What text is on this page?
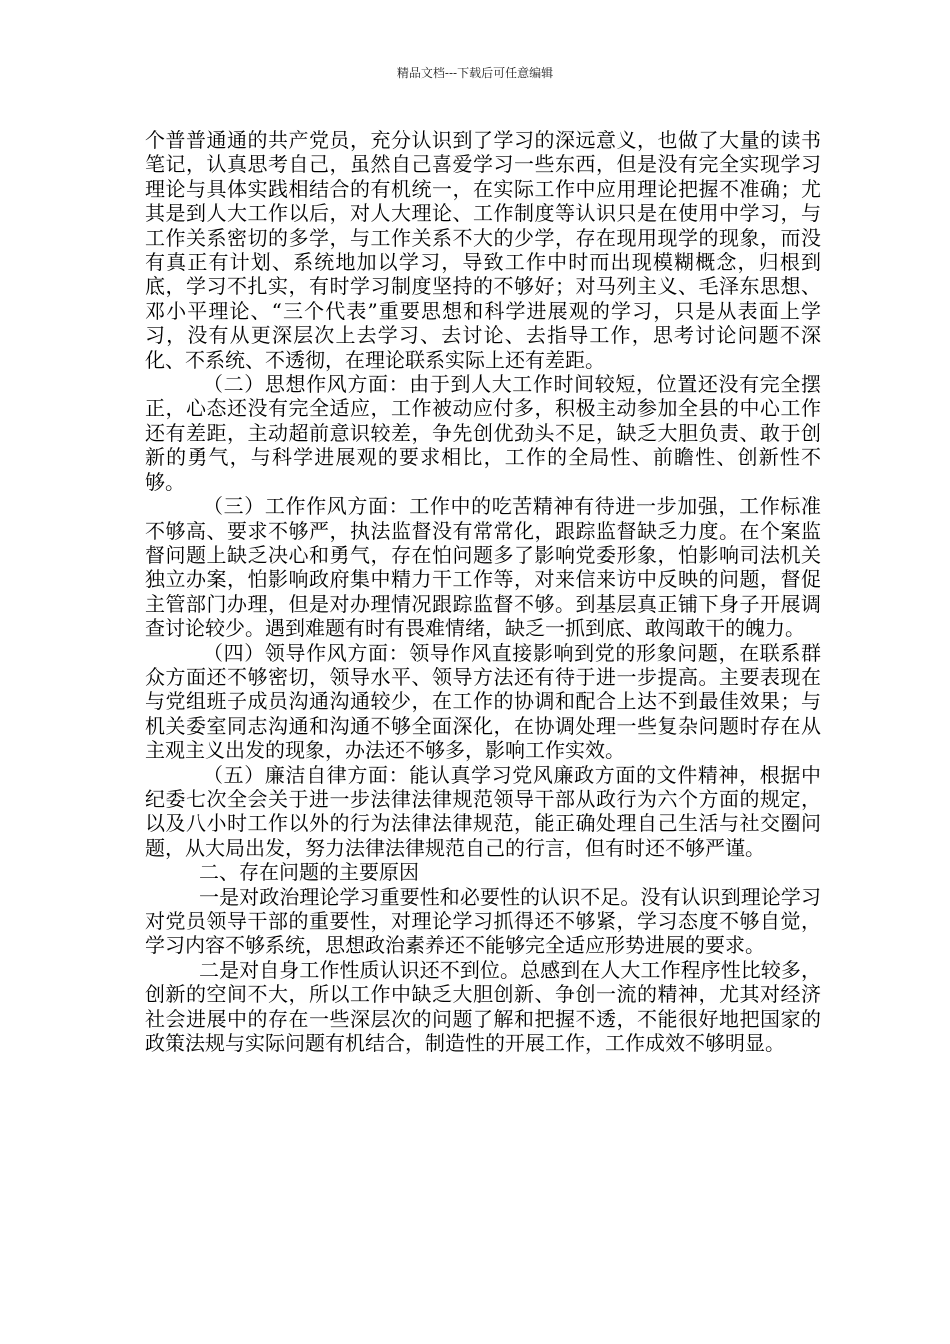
精品文档---下载后可任意编辑

个普普通通的共产党员，充分认识到了学习的深远意义，也做了大量的读书笔记，认真思考自己，虽然自己喜爱学习一些东西，但是没有完全实现学习理论与具体实践相结合的有机统一，在实际工作中应用理论把握不准确；尤其是到人大工作以后，对人大理论、工作制度等认识只是在使用中学习，与工作关系密切的多学，与工作关系不大的少学，存在现用现学的现象，而没有真正有计划、系统地加以学习，导致工作中时而出现模糊概念，归根到底，学习不扎实，有时学习制度坚持的不够好；对马列主义、毛泽东思想、邓小平理论、“三个代表”重要思想和科学进展观的学习，只是从表面上学习，没有从更深层次上去学习、去讨论、去指导工作，思考讨论问题不深化、不系统、不透彻，在理论联系实际上还有差距。

（二）思想作风方面：由于到人大工作时间较短，位置还没有完全摆正，心态还没有完全适应，工作被动应付多，积极主动参加全县的中心工作还有差距，主动超前意识较差，争先创优劲头不足，缺乏大胆负责、敢于创新的勇气，与科学进展观的要求相比，工作的全局性、前瞻性、创新性不够。

（三）工作作风方面：工作中的吃苦精神有待进一步加强，工作标准不够高、要求不够严，执法监督没有常常化，跟踪监督缺乏力度。在个案监督问题上缺乏决心和勇气，存在怕问题多了影响党委形象，怕影响司法机关独立办案，怕影响政府集中精力干工作等，对来信来访中反映的问题，督促主管部门办理，但是对办理情况跟踪监督不够。到基层真正铺下身子开展调查讨论较少。遇到难题有时有畏难情绪，缺乏一抓到底、敢闯敢干的魄力。

（四）领导作风方面：领导作风直接影响到党的形象问题，在联系群众方面还不够密切，领导水平、领导方法还有待于进一步提高。主要表现在与党组班子成员沟通沟通较少，在工作的协调和配合上达不到最佳效果；与机关委室同志沟通和沟通不够全面深化，在协调处理一些复杂问题时存在从主观主义出发的现象，办法还不够多，影响工作实效。

（五）廉洁自律方面：能认真学习党风廉政方面的文件精神，根据中纪委七次全会关于进一步法律法律规范领导干部从政行为六个方面的规定，以及八小时工作以外的行为法律法律规范，能正确处理自己生活与社交圈问题，从大局出发，努力法律法律规范自己的行言，但有时还不够严谨。

二、存在问题的主要原因

一是对政治理论学习重要性和必要性的认识不足。没有认识到理论学习对党员领导干部的重要性，对理论学习抓得还不够紧，学习态度不够自觉，学习内容不够系统，思想政治素养还不能够完全适应形势进展的要求。

二是对自身工作性质认识还不到位。总感到在人大工作程序性比较多，创新的空间不大，所以工作中缺乏大胆创新、争创一流的精神，尤其对经济社会进展中的存在一些深层次的问题了解和把握不透，不能很好地把国家的政策法规与实际问题有机结合，制造性的开展工作，工作成效不够明显。
